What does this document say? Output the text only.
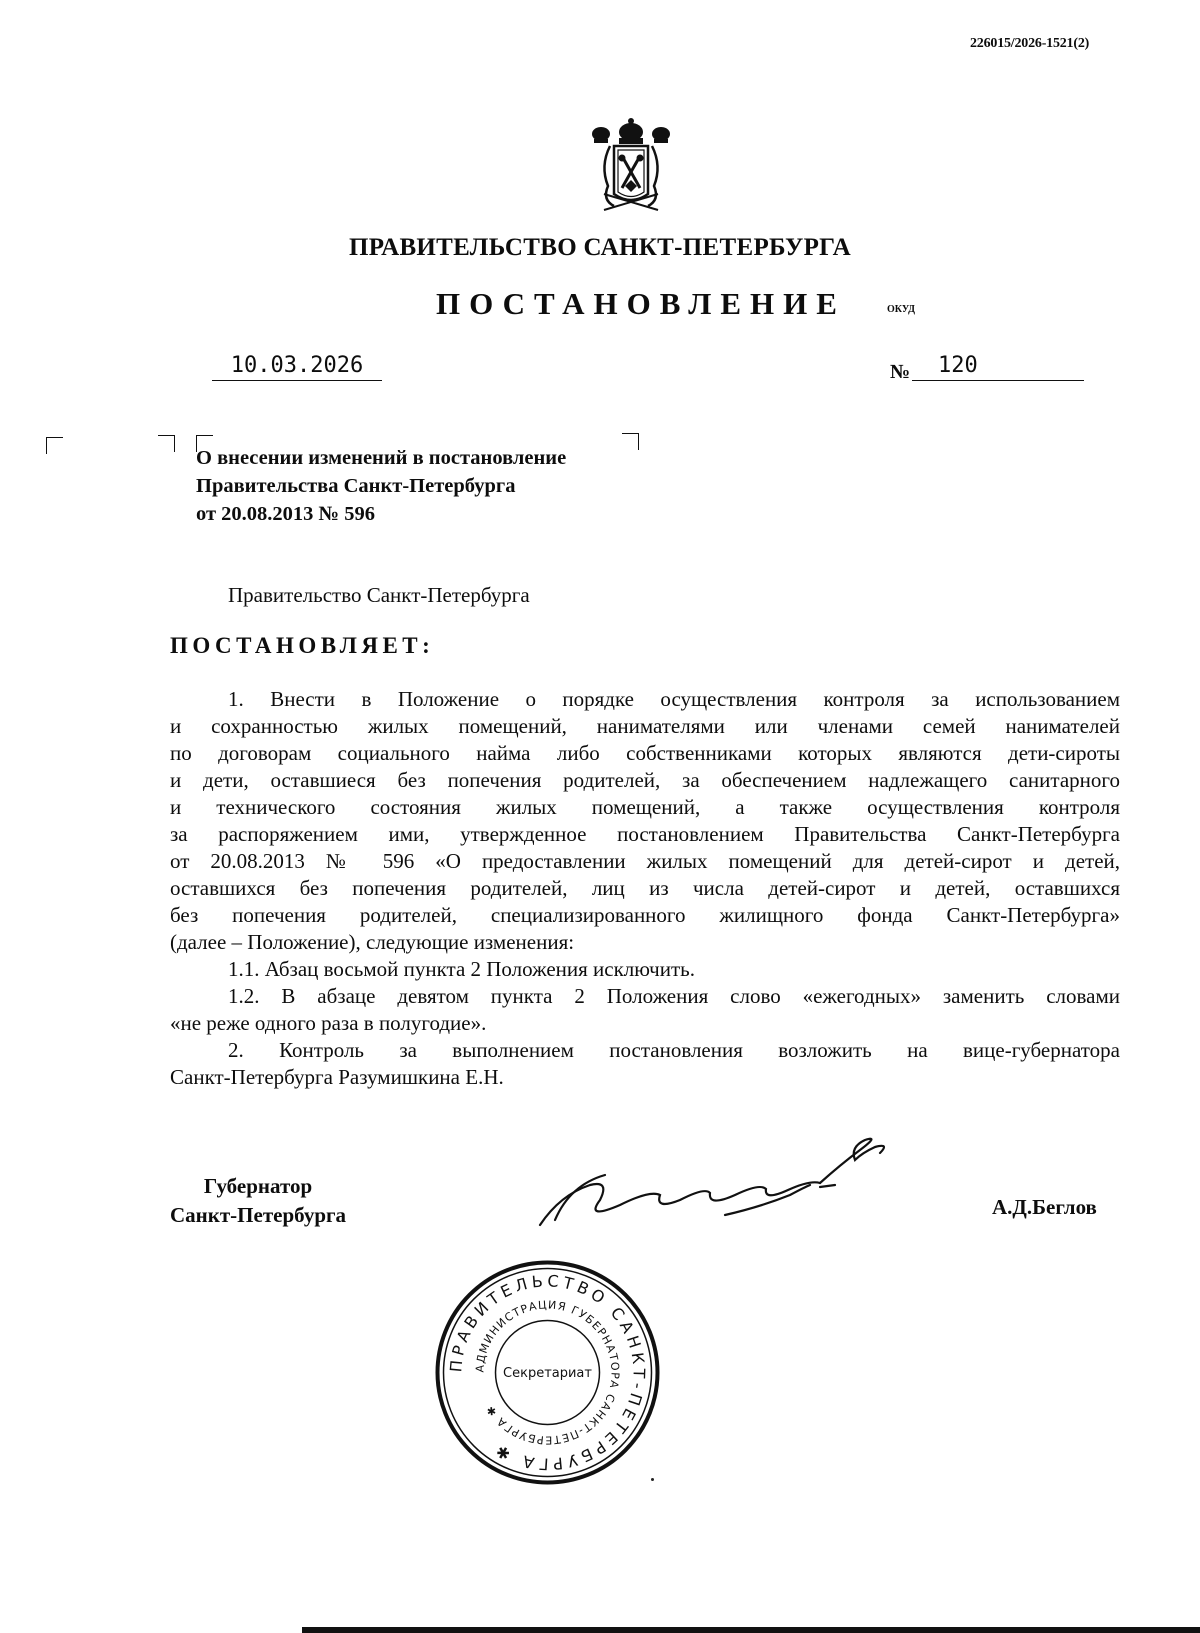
226015/2026-1521(2)
ПРАВИТЕЛЬСТВО САНКТ-ПЕТЕРБУРГА
ПОСТАНОВЛЕНИЕ	ОКУД
10.03.2026	№	120
О внесении изменений в постановление
Правительства Санкт-Петербурга
от 20.08.2013 № 596
Правительство Санкт-Петербурга
ПОСТАНОВЛЯЕТ:

1. Внести в Положение о порядке осуществления контроля за использованием

и сохранностью жилых помещений, нанимателями или членами семей нанимателей

по договорам социального найма либо собственниками которых являются дети-сироты

и дети, оставшиеся без попечения родителей, за обеспечением надлежащего санитарного

и технического состояния жилых помещений, а также осуществления контроля

за распоряжением ими, утвержденное постановлением Правительства Санкт-Петербурга

от 20.08.2013 № 596 «О предоставлении жилых помещений для детей-сирот и детей,

оставшихся без попечения родителей, лиц из числа детей-сирот и детей, оставшихся

без попечения родителей, специализированного жилищного фонда Санкт-Петербурга»

(далее – Положение), следующие изменения:

1.1. Абзац восьмой пункта 2 Положения исключить.

1.2. В абзаце девятом пункта 2 Положения слово «ежегодных» заменить словами

«не реже одного раза в полугодие».

2. Контроль за выполнением постановления возложить на вице-губернатора

Санкт-Петербурга Разумишкина Е.Н.

Губернатор
Санкт-Петербурга	А.Д.Беглов
ПРАВИТЕЛЬСТВО САНКТ-ПЕТЕРБУРГА ✱
АДМИНИСТРАЦИЯ ГУБЕРНАТОРА САНКТ-ПЕТЕРБУРГА ✱
Секретариат
